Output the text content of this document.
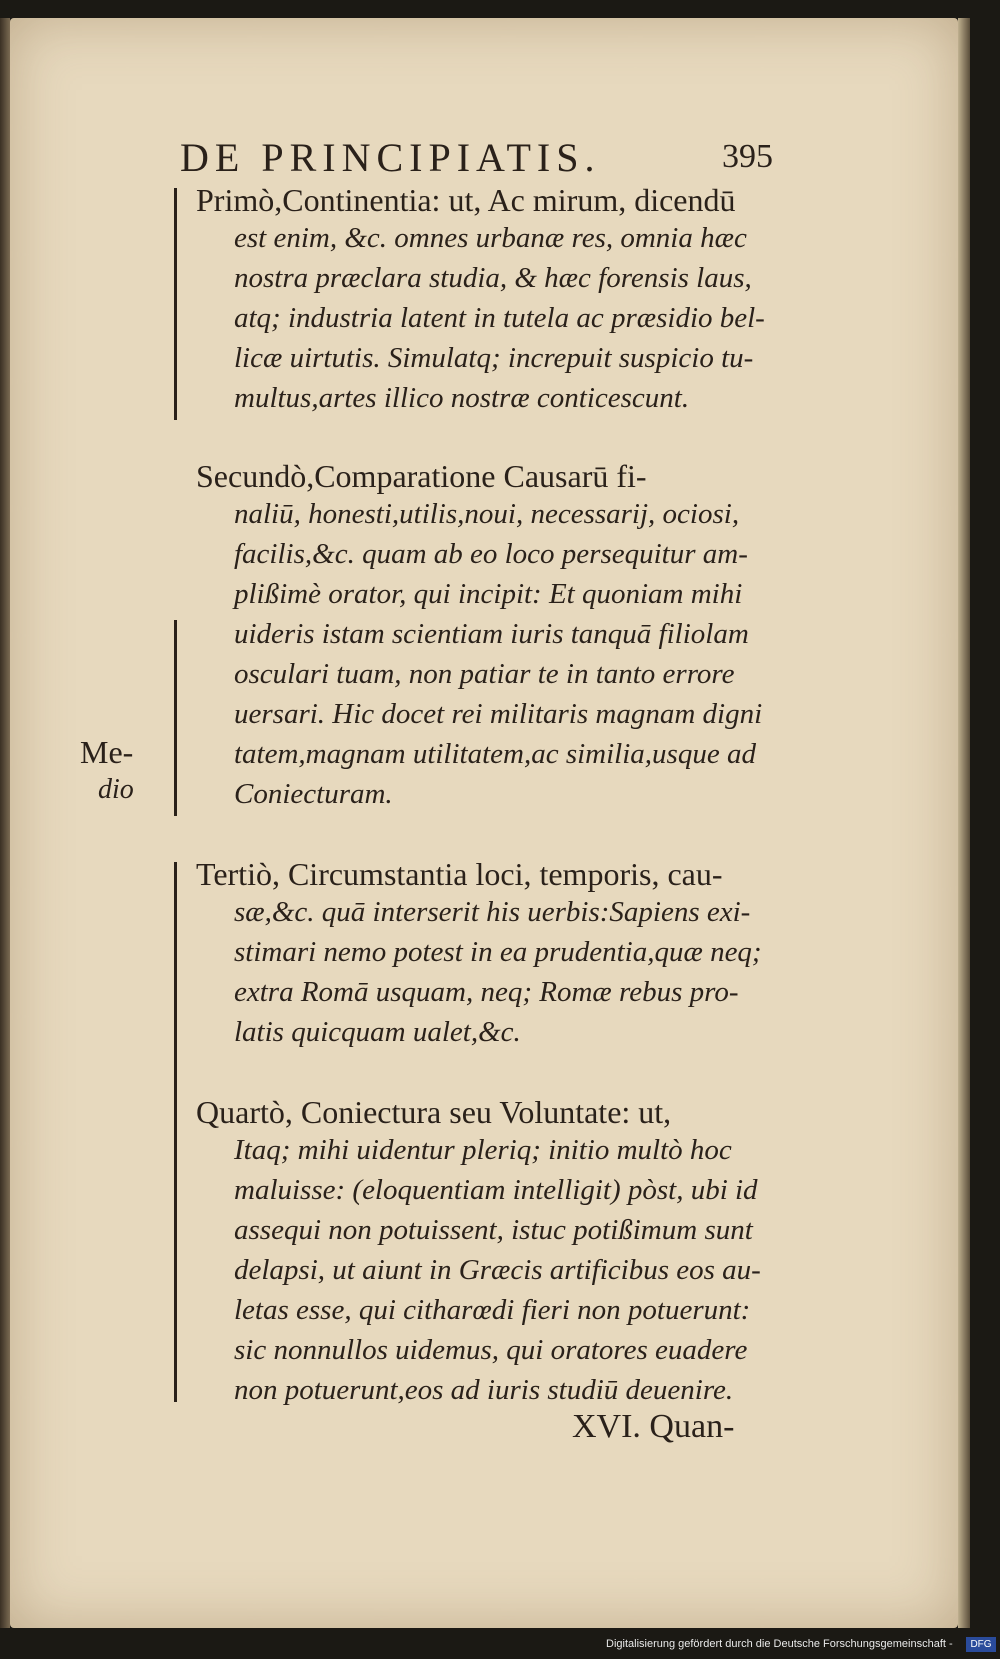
DE PRINCIPIATIS.	395
Me-
dio
Primò,Continentia: ut, Ac mirum, dicendū
est enim, &c. omnes urbanæ res, omnia hæc
nostra præclara studia, & hæc forensis laus,
atq; industria latent in tutela ac præsidio bel-
licæ uirtutis. Simulatq; increpuit suspicio tu-
multus,artes illico nostræ conticescunt.
Secundò,Comparatione Causarū fi-
naliū, honesti,utilis,noui, necessarij, ociosi,
facilis,&c. quam ab eo loco persequitur am-
plißimè orator, qui incipit: Et quoniam mihi
uideris istam scientiam iuris tanquā filiolam
osculari tuam, non patiar te in tanto errore
uersari. Hic docet rei militaris magnam digni
tatem,magnam utilitatem,ac similia,usque ad
Coniecturam.
Tertiò, Circumstantia loci, temporis, cau-
sæ,&c. quā interserit his uerbis:Sapiens exi-
stimari nemo potest in ea prudentia,quæ neq;
extra Romā usquam, neq; Romæ rebus pro-
latis quicquam ualet,&c.
Quartò, Coniectura seu Voluntate: ut,
Itaq; mihi uidentur pleriq; initio multò hoc
maluisse: (eloquentiam intelligit) pòst, ubi id
assequi non potuissent, istuc potißimum sunt
delapsi, ut aiunt in Græcis artificibus eos au-
letas esse, qui citharœdi fieri non potuerunt:
sic nonnullos uidemus, qui oratores euadere
non potuerunt,eos ad iuris studiū deuenire.
XVI. Quan-
Digitalisierung gefördert durch die Deutsche Forschungsgemeinschaft -	DFG
